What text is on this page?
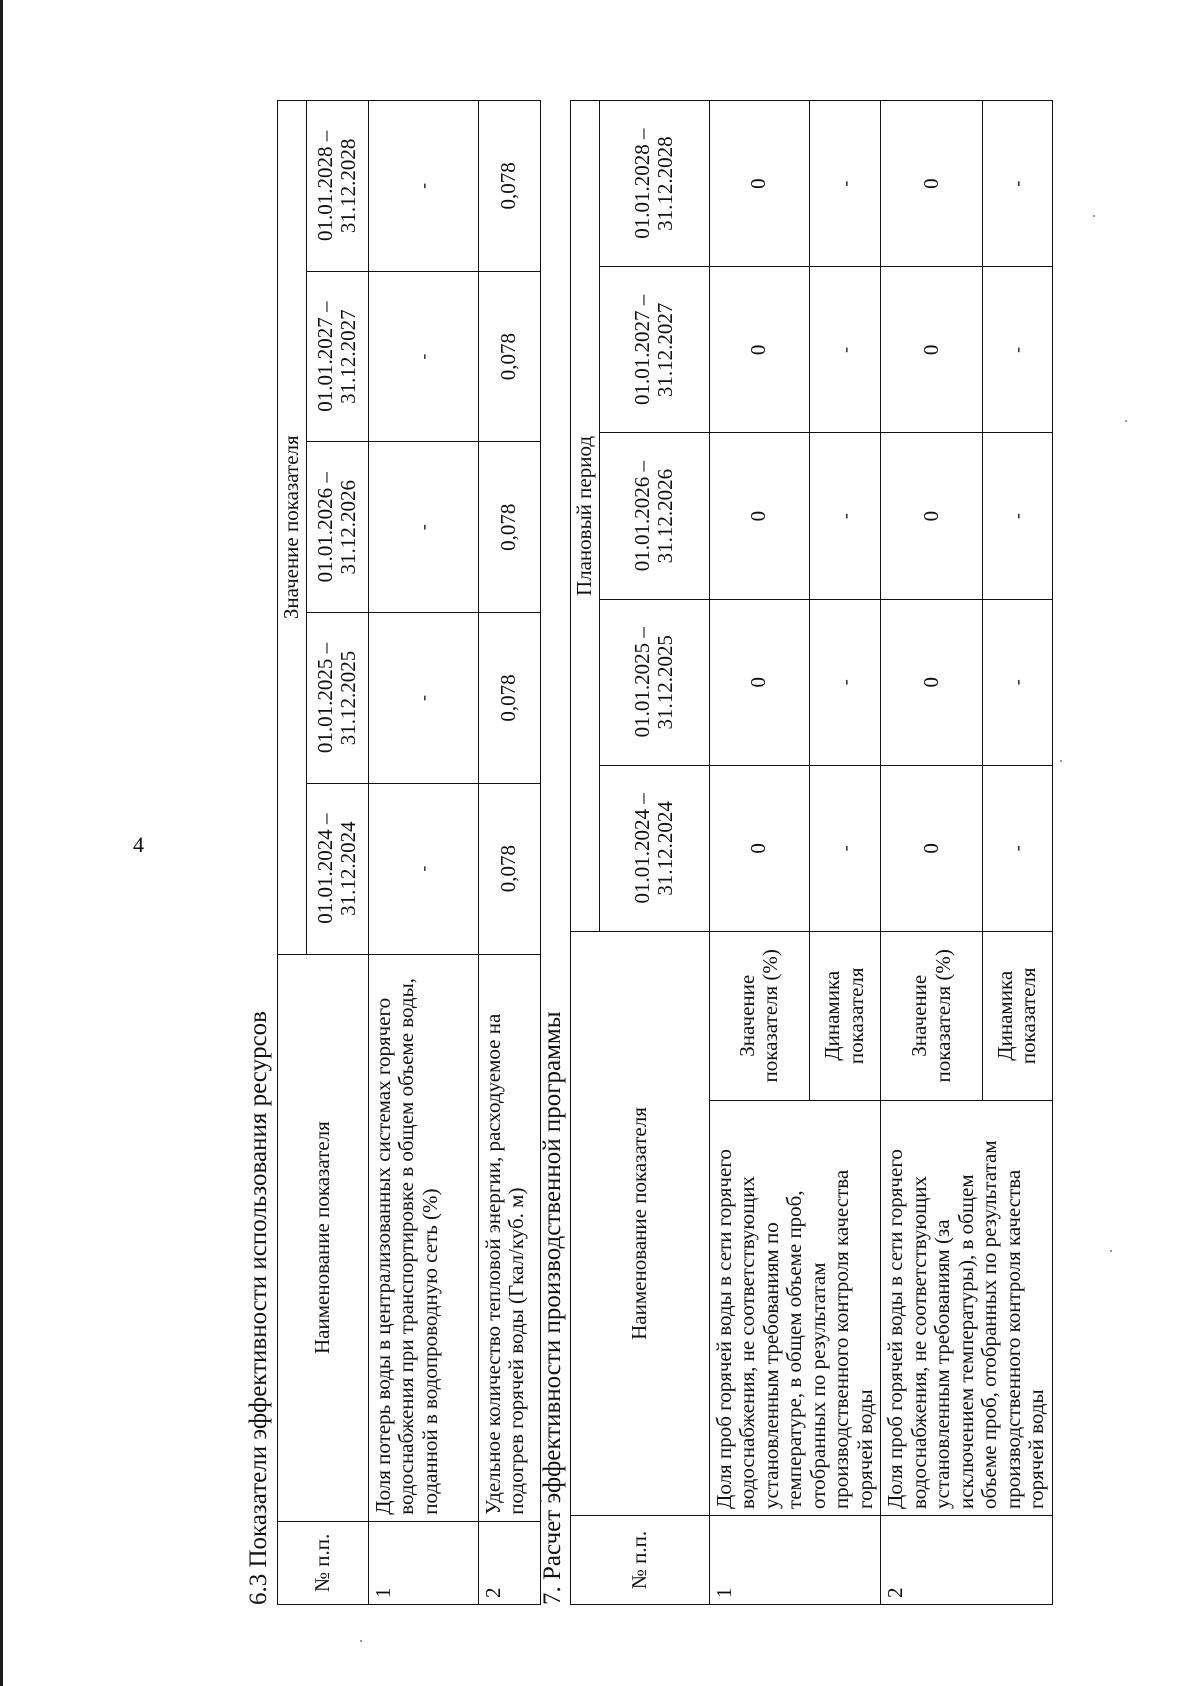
4
6.3 Показатели эффективности использования ресурсов № п.п.	Наименование показателя	Значение показателя				
		01.01.2024 – 31.12.2024	01.01.2025 – 31.12.2025	01.01.2026 – 31.12.2026	01.01.2027 – 31.12.2027	01.01.2028 – 31.12.2028
1	Доля потерь воды в централизованных системах горячего водоснабжения при транспортировке в общем объеме воды, поданной в водопроводную сеть (%)	-	-	-	-	-
2	Удельное количество тепловой энергии, расходуемое на подогрев горячей воды (Гкал/куб. м)	0,078	0,078	0,078	0,078	0,078
7. Расчет эффективности производственной программы	№ п.п.	Наименование показателя		Плановый период				
			01.01.2024 – 31.12.2024	01.01.2025 – 31.12.2025	01.01.2026 – 31.12.2026	01.01.2027 – 31.12.2027	01.01.2028 – 31.12.2028
1	Доля проб горячей воды в сети горячего водоснабжения, не соответствующих установленным требованиям по температуре, в общем объеме проб, отобранных по результатам производственного контроля качества горячей воды	Значение показателя (%)	0	0	0	0	0
		Динамика показателя	-	-	-	-	-
2	Доля проб горячей воды в сети горячего водоснабжения, не соответствующих установленным требованиям (за исключением температуры), в общем объеме проб, отобранных по результатам производственного контроля качества горячей воды	Значение показателя (%)	0	0	0	0	0
		Динамика показателя	-	-	-	-	-
